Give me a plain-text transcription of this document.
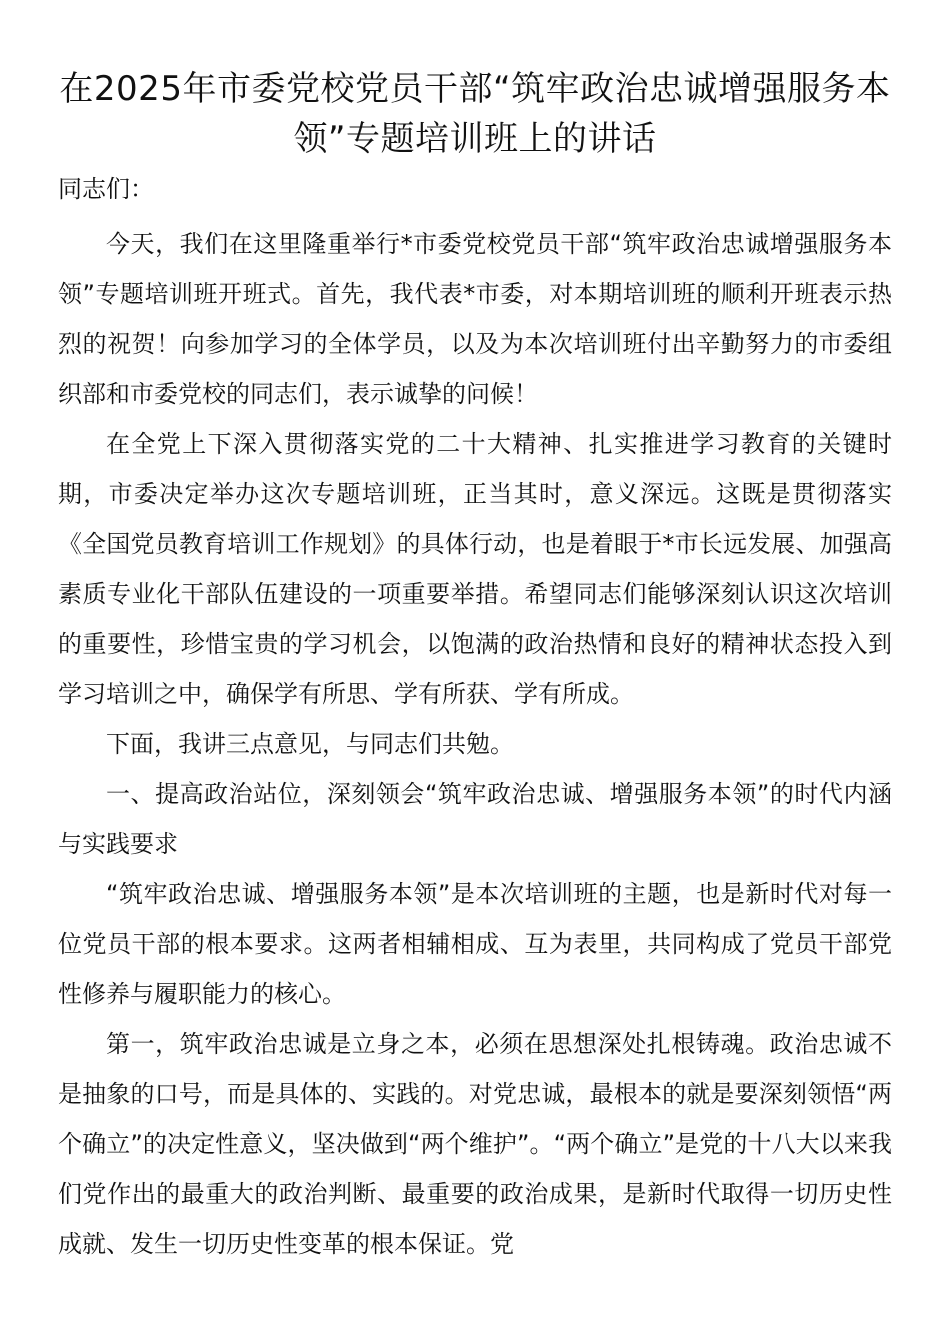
在2025年市委党校党员干部“筑牢政治忠诚增强服务本领”专题培训班上的讲话

同志们：

今天，我们在这里隆重举行*市委党校党员干部“筑牢政治忠诚增强服务本领”专题培训班开班式。首先，我代表*市委，对本期培训班的顺利开班表示热烈的祝贺！向参加学习的全体学员，以及为本次培训班付出辛勤努力的市委组织部和市委党校的同志们，表示诚挚的问候！

在全党上下深入贯彻落实党的二十大精神、扎实推进学习教育的关键时期，市委决定举办这次专题培训班，正当其时，意义深远。这既是贯彻落实《全国党员教育培训工作规划》的具体行动，也是着眼于*市长远发展、加强高素质专业化干部队伍建设的一项重要举措。希望同志们能够深刻认识这次培训的重要性，珍惜宝贵的学习机会，以饱满的政治热情和良好的精神状态投入到学习培训之中，确保学有所思、学有所获、学有所成。

下面，我讲三点意见，与同志们共勉。

一、提高政治站位，深刻领会“筑牢政治忠诚、增强服务本领”的时代内涵与实践要求

“筑牢政治忠诚、增强服务本领”是本次培训班的主题，也是新时代对每一位党员干部的根本要求。这两者相辅相成、互为表里，共同构成了党员干部党性修养与履职能力的核心。

第一，筑牢政治忠诚是立身之本，必须在思想深处扎根铸魂。政治忠诚不是抽象的口号，而是具体的、实践的。对党忠诚，最根本的就是要深刻领悟“两个确立”的决定性意义，坚决做到“两个维护”。“两个确立”是党的十八大以来我们党作出的最重大的政治判断、最重要的政治成果，是新时代取得一切历史性成就、发生一切历史性变革的根本保证。党
